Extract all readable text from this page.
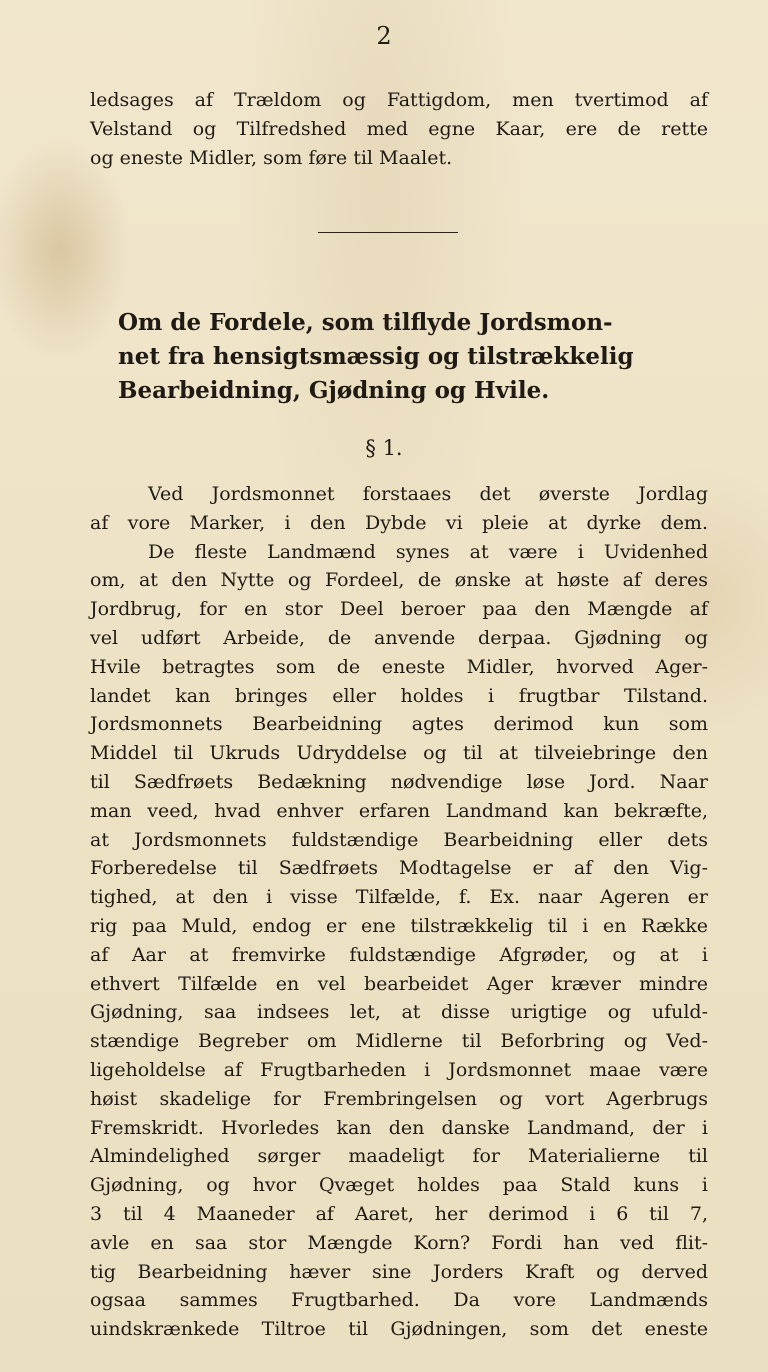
2
ledsages af Trældom og Fattigdom, men tvertimod af
Velstand og Tilfredshed med egne Kaar, ere de rette
og eneste Midler, som føre til Maalet.
Om de Fordele, som tilflyde Jordsmon-
net fra hensigtsmæssig og tilstrækkelig
Bearbeidning, Gjødning og Hvile.
§ 1.
Ved Jordsmonnet forstaaes det øverste Jordlag
af vore Marker, i den Dybde vi pleie at dyrke dem.
De fleste Landmænd synes at være i Uvidenhed
om, at den Nytte og Fordeel, de ønske at høste af deres
Jordbrug, for en stor Deel beroer paa den Mængde af
vel udført Arbeide, de anvende derpaa. Gjødning og
Hvile betragtes som de eneste Midler, hvorved Ager-
landet kan bringes eller holdes i frugtbar Tilstand.
Jordsmonnets Bearbeidning agtes derimod kun som
Middel til Ukruds Udryddelse og til at tilveiebringe den
til Sædfrøets Bedækning nødvendige løse Jord. Naar
man veed, hvad enhver erfaren Landmand kan bekræfte,
at Jordsmonnets fuldstændige Bearbeidning eller dets
Forberedelse til Sædfrøets Modtagelse er af den Vig-
tighed, at den i visse Tilfælde, f. Ex. naar Ageren er
rig paa Muld, endog er ene tilstrækkelig til i en Række
af Aar at fremvirke fuldstændige Afgrøder, og at i
ethvert Tilfælde en vel bearbeidet Ager kræver mindre
Gjødning, saa indsees let, at disse urigtige og ufuld-
stændige Begreber om Midlerne til Beforbring og Ved-
ligeholdelse af Frugtbarheden i Jordsmonnet maae være
høist skadelige for Frembringelsen og vort Agerbrugs
Fremskridt. Hvorledes kan den danske Landmand, der i
Almindelighed sørger maadeligt for Materialierne til
Gjødning, og hvor Qvæget holdes paa Stald kuns i
3 til 4 Maaneder af Aaret, her derimod i 6 til 7,
avle en saa stor Mængde Korn? Fordi han ved flit-
tig Bearbeidning hæver sine Jorders Kraft og derved
ogsaa sammes Frugtbarhed. Da vore Landmænds
uindskrænkede Tiltroe til Gjødningen, som det eneste
